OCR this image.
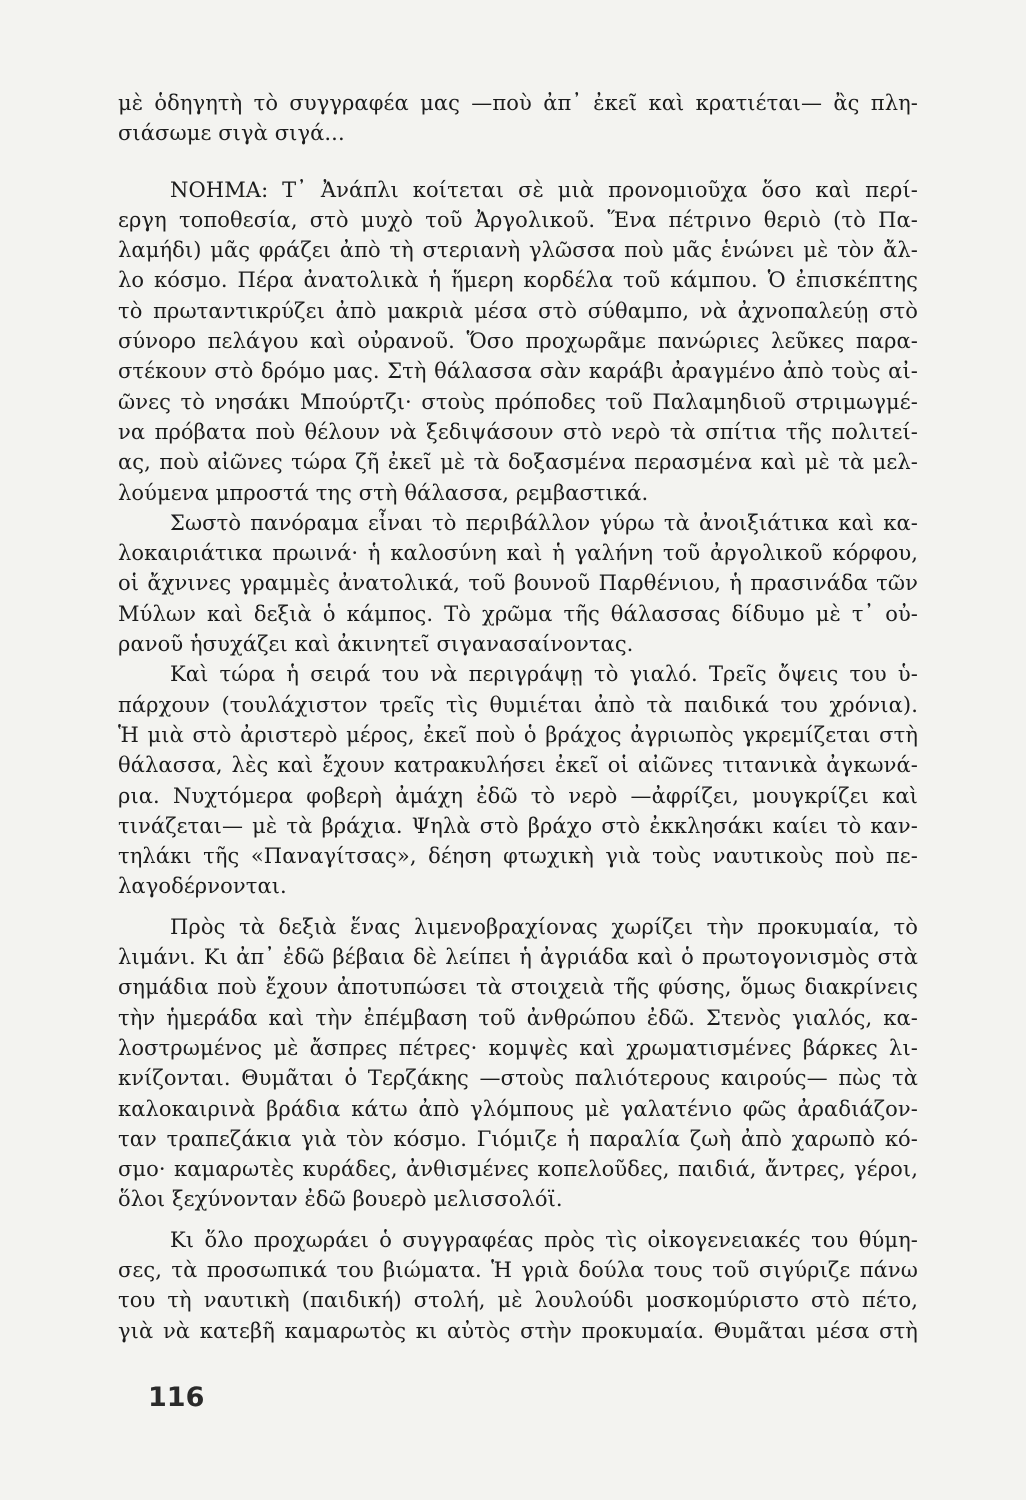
μὲ ὁδηγητὴ τὸ συγγραφέα μας —ποὺ ἀπ᾿ ἐκεῖ καὶ κρατιέται— ἂς πλη-
σιάσωμε σιγὰ σιγά...
ΝΟΗΜΑ: Τ᾿ Ἀνάπλι κοίτεται σὲ μιὰ προνομιοῦχα ὅσο καὶ περί-
εργη τοποθεσία, στὸ μυχὸ τοῦ Ἀργολικοῦ. Ἕνα πέτρινο θεριὸ (τὸ Πα-
λαμήδι) μᾶς φράζει ἀπὸ τὴ στεριανὴ γλῶσσα ποὺ μᾶς ἑνώνει μὲ τὸν ἄλ-
λο κόσμο. Πέρα ἀνατολικὰ ἡ ἥμερη κορδέλα τοῦ κάμπου. Ὁ ἐπισκέπτης
τὸ πρωταντικρύζει ἀπὸ μακριὰ μέσα στὸ σύθαμπο, νὰ ἀχνοπαλεύῃ στὸ
σύνορο πελάγου καὶ οὐρανοῦ. Ὅσο προχωρᾶμε πανώριες λεῦκες παρα-
στέκουν στὸ δρόμο μας. Στὴ θάλασσα σὰν καράβι ἀραγμένο ἀπὸ τοὺς αἰ-
ῶνες τὸ νησάκι Μπούρτζι· στοὺς πρόποδες τοῦ Παλαμηδιοῦ στριμωγμέ-
να πρόβατα ποὺ θέλουν νὰ ξεδιψάσουν στὸ νερὸ τὰ σπίτια τῆς πολιτεί-
ας, ποὺ αἰῶνες τώρα ζῆ ἐκεῖ μὲ τὰ δοξασμένα περασμένα καὶ μὲ τὰ μελ-
λούμενα μπροστά της στὴ θάλασσα, ρεμβαστικά.
Σωστὸ πανόραμα εἶναι τὸ περιβάλλον γύρω τὰ ἀνοιξιάτικα καὶ κα-
λοκαιριάτικα πρωινά· ἡ καλοσύνη καὶ ἡ γαλήνη τοῦ ἀργολικοῦ κόρφου,
οἱ ἄχνινες γραμμὲς ἀνατολικά, τοῦ βουνοῦ Παρθένιου, ἡ πρασινάδα τῶν
Μύλων καὶ δεξιὰ ὁ κάμπος. Τὸ χρῶμα τῆς θάλασσας δίδυμο μὲ τ᾿ οὐ-
ρανοῦ ἡσυχάζει καὶ ἀκινητεῖ σιγανασαίνοντας.
Καὶ τώρα ἡ σειρά του νὰ περιγράψῃ τὸ γιαλό. Τρεῖς ὄψεις του ὑ-
πάρχουν (τουλάχιστον τρεῖς τὶς θυμιέται ἀπὸ τὰ παιδικά του χρόνια).
Ἡ μιὰ στὸ ἀριστερὸ μέρος, ἐκεῖ ποὺ ὁ βράχος ἀγριωπὸς γκρεμίζεται στὴ
θάλασσα, λὲς καὶ ἔχουν κατρακυλήσει ἐκεῖ οἱ αἰῶνες τιτανικὰ ἀγκωνά-
ρια. Νυχτόμερα φοβερὴ ἀμάχη ἐδῶ τὸ νερὸ —ἀφρίζει, μουγκρίζει καὶ
τινάζεται— μὲ τὰ βράχια. Ψηλὰ στὸ βράχο στὸ ἐκκλησάκι καίει τὸ καν-
τηλάκι τῆς «Παναγίτσας», δέηση φτωχικὴ γιὰ τοὺς ναυτικοὺς ποὺ πε-
λαγοδέρνονται.
Πρὸς τὰ δεξιὰ ἕνας λιμενοβραχίονας χωρίζει τὴν προκυμαία, τὸ
λιμάνι. Κι ἀπ᾿ ἐδῶ βέβαια δὲ λείπει ἡ ἀγριάδα καὶ ὁ πρωτογονισμὸς στὰ
σημάδια ποὺ ἔχουν ἀποτυπώσει τὰ στοιχειὰ τῆς φύσης, ὅμως διακρίνεις
τὴν ἡμεράδα καὶ τὴν ἐπέμβαση τοῦ ἀνθρώπου ἐδῶ. Στενὸς γιαλός, κα-
λοστρωμένος μὲ ἄσπρες πέτρες· κομψὲς καὶ χρωματισμένες βάρκες λι-
κνίζονται. Θυμᾶται ὁ Τερζάκης —στοὺς παλιότερους καιρούς— πὼς τὰ
καλοκαιρινὰ βράδια κάτω ἀπὸ γλόμπους μὲ γαλατένιο φῶς ἀραδιάζον-
ταν τραπεζάκια γιὰ τὸν κόσμο. Γιόμιζε ἡ παραλία ζωὴ ἀπὸ χαρωπὸ κό-
σμο· καμαρωτὲς κυράδες, ἀνθισμένες κοπελοῦδες, παιδιά, ἄντρες, γέροι,
ὅλοι ξεχύνονταν ἐδῶ βουερὸ μελισσολόϊ.
Κι ὅλο προχωράει ὁ συγγραφέας πρὸς τὶς οἰκογενειακές του θύμη-
σες, τὰ προσωπικά του βιώματα. Ἡ γριὰ δούλα τους τοῦ σιγύριζε πάνω
του τὴ ναυτικὴ (παιδική) στολή, μὲ λουλούδι μοσκομύριστο στὸ πέτο,
γιὰ νὰ κατεβῆ καμαρωτὸς κι αὐτὸς στὴν προκυμαία. Θυμᾶται μέσα στὴ
116
